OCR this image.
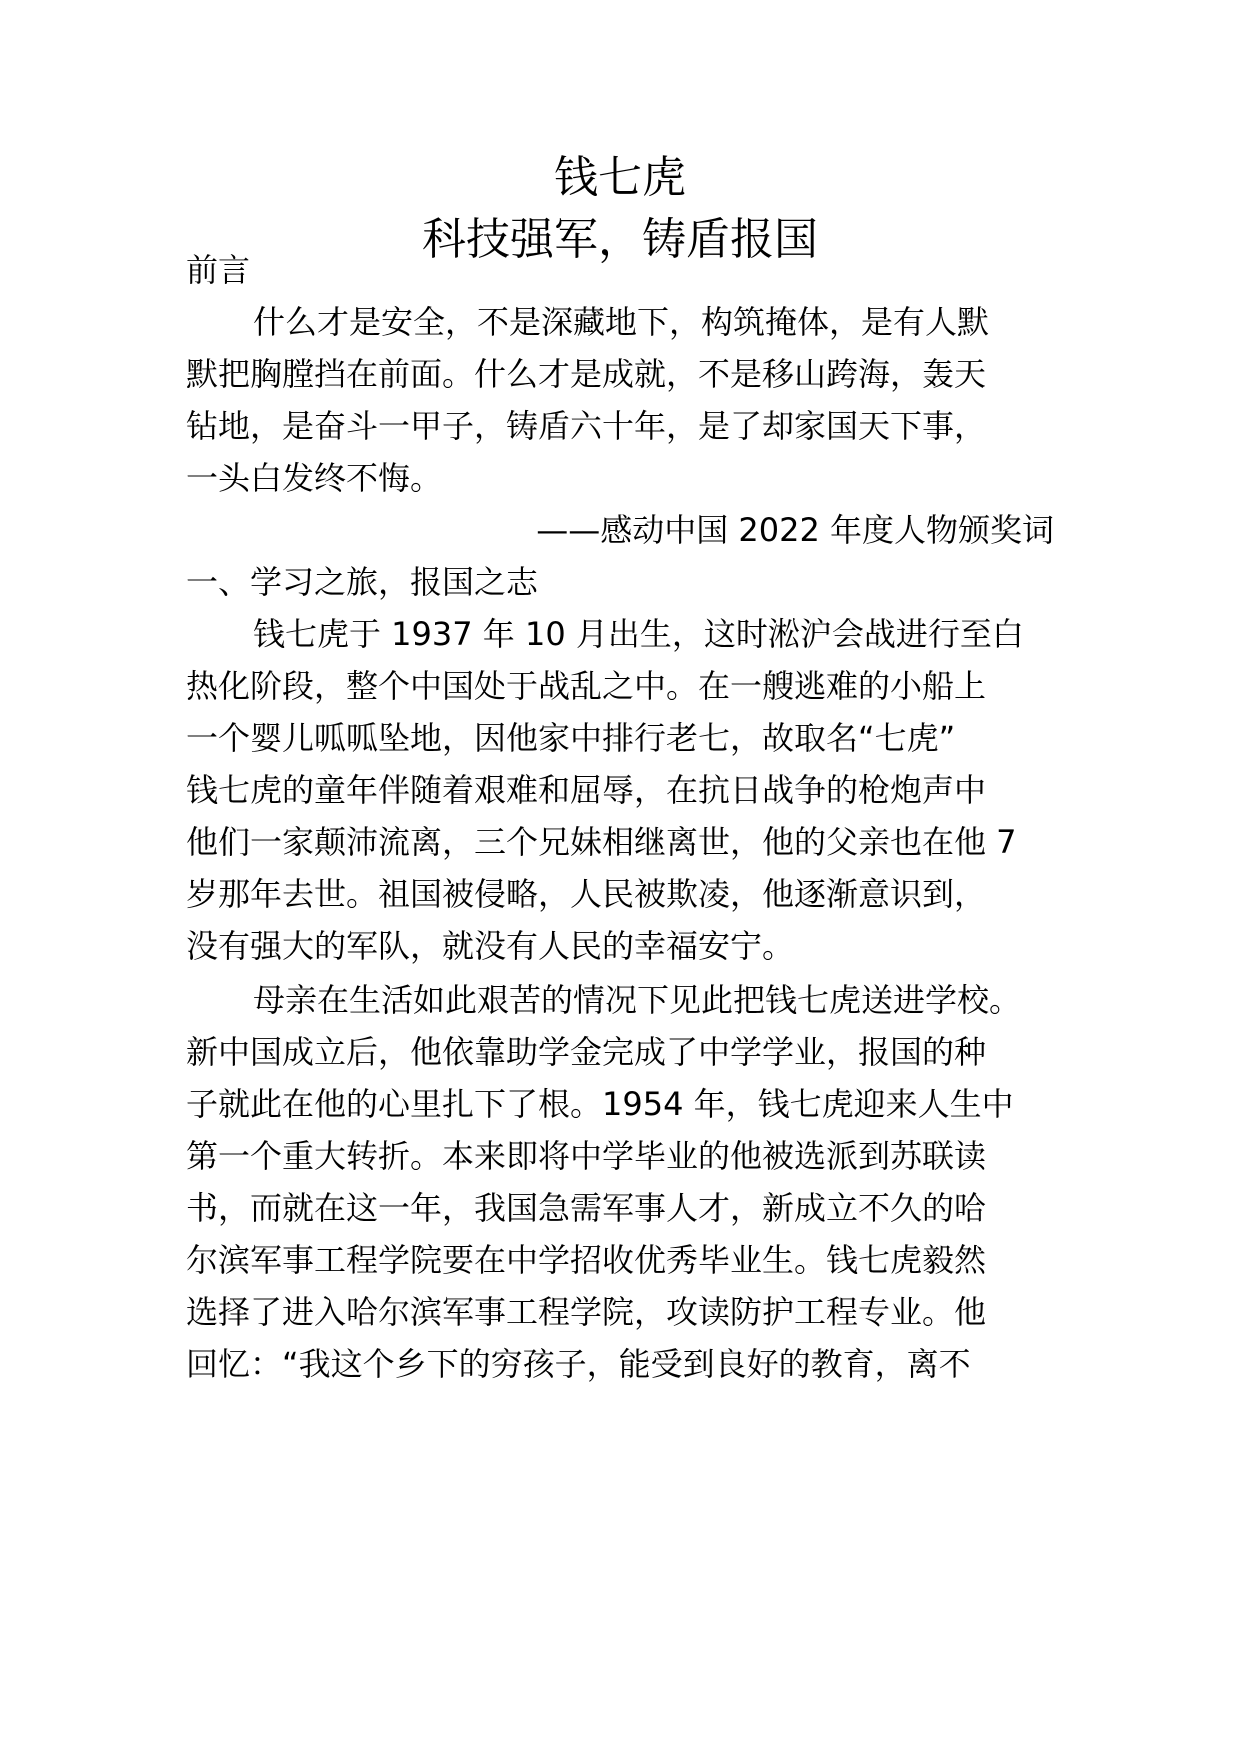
钱七虎
科技强军，铸盾报国
前言
什么才是安全，不是深藏地下，构筑掩体，是有人默
默把胸膛挡在前面。什么才是成就，不是移山跨海，轰天
钻地，是奋斗一甲子，铸盾六十年，是了却家国天下事，
一头白发终不悔。
——感动中国 2022 年度人物颁奖词
一、学习之旅，报国之志
钱七虎于 1937 年 10 月出生，这时淞沪会战进行至白
热化阶段，整个中国处于战乱之中。在一艘逃难的小船上
一个婴儿呱呱坠地，因他家中排行老七，故取名“七虎”
钱七虎的童年伴随着艰难和屈辱，在抗日战争的枪炮声中
他们一家颠沛流离，三个兄妹相继离世，他的父亲也在他 7
岁那年去世。祖国被侵略，人民被欺凌，他逐渐意识到，
没有强大的军队，就没有人民的幸福安宁。
母亲在生活如此艰苦的情况下见此把钱七虎送进学校。
新中国成立后，他依靠助学金完成了中学学业，报国的种
子就此在他的心里扎下了根。1954 年，钱七虎迎来人生中
第一个重大转折。本来即将中学毕业的他被选派到苏联读
书，而就在这一年，我国急需军事人才，新成立不久的哈
尔滨军事工程学院要在中学招收优秀毕业生。钱七虎毅然
选择了进入哈尔滨军事工程学院，攻读防护工程专业。他
回忆：“我这个乡下的穷孩子，能受到良好的教育，离不
